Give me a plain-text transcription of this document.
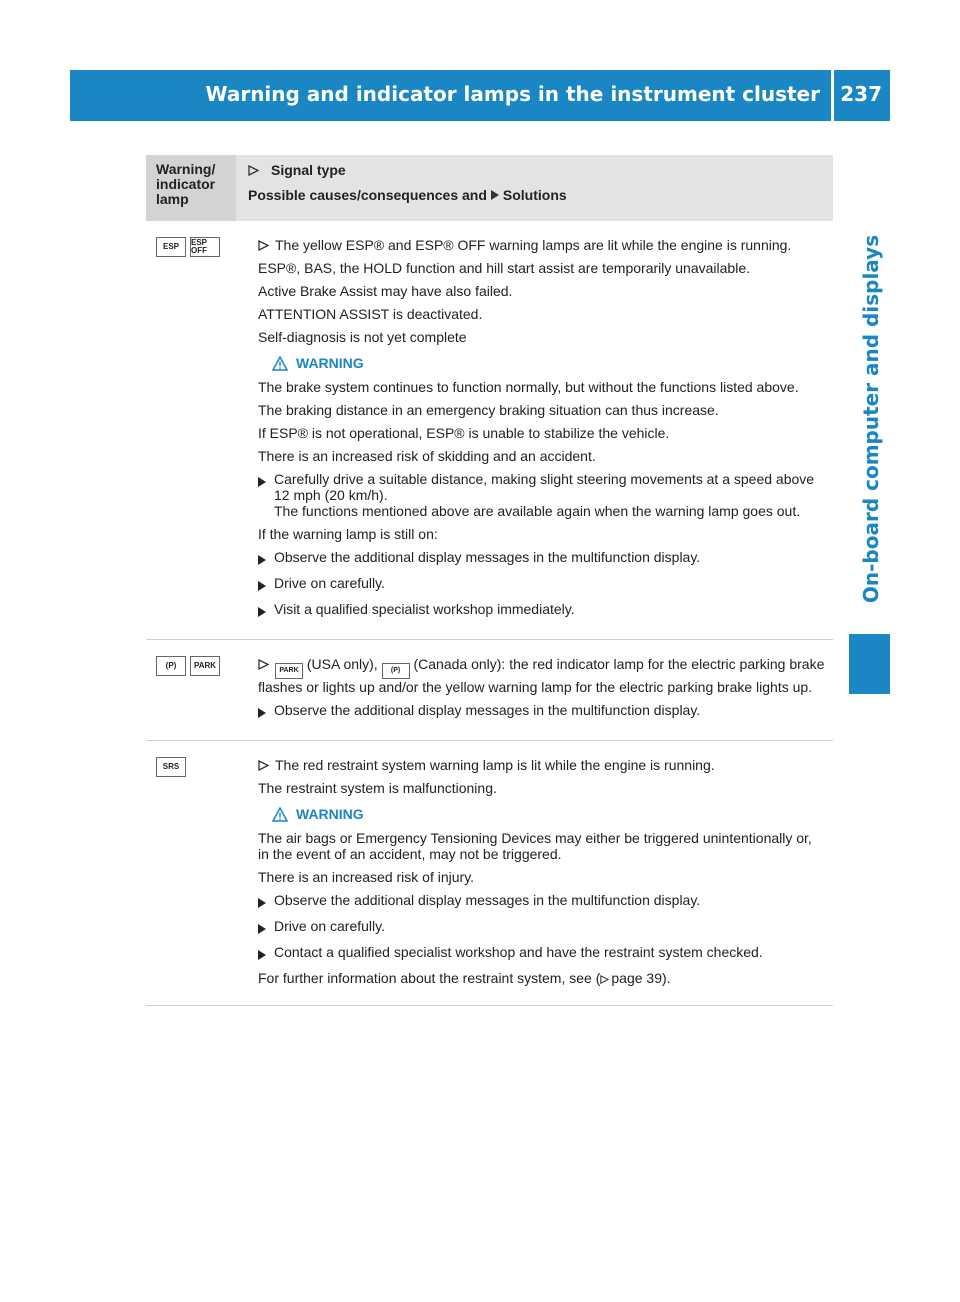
Warning and indicator lamps in the instrument cluster 237
On-board computer and displays
Warning/
indicator
lamp
Signal type
Possible causes/consequences and Solutions
ESP	ESP OFF	The yellow ESP® and ESP® OFF warning lamps are lit while the engine is running.

ESP®, BAS, the HOLD function and hill start assist are temporarily unavailable.

Active Brake Assist may have also failed.

ATTENTION ASSIST is deactivated.

Self-diagnosis is not yet complete

WARNING

The brake system continues to function normally, but without the functions listed above.

The braking distance in an emergency braking situation can thus increase.

If ESP® is not operational, ESP® is unable to stabilize the vehicle.

There is an increased risk of skidding and an accident.

Carefully drive a suitable distance, making slight steering movements at a speed above 12 mph (20 km/h).
The functions mentioned above are available again when the warning lamp goes out.

If the warning lamp is still on:

Observe the additional display messages in the multifunction display.
Drive on carefully.
Visit a qualified specialist workshop immediately.
(P)	PARK

PARK (USA only), (P) (Canada only): the red indicator lamp for the electric parking brake flashes or lights up and/or the yellow warning lamp for the electric parking brake lights up.

Observe the additional display messages in the multifunction display.
SRS	The red restraint system warning lamp is lit while the engine is running.

The restraint system is malfunctioning.

WARNING

The air bags or Emergency Tensioning Devices may either be triggered unintentionally or, in the event of an accident, may not be triggered.

There is an increased risk of injury.

Observe the additional display messages in the multifunction display.
Drive on carefully.
Contact a qualified specialist workshop and have the restraint system checked.

For further information about the restraint system, see ( page 39).
